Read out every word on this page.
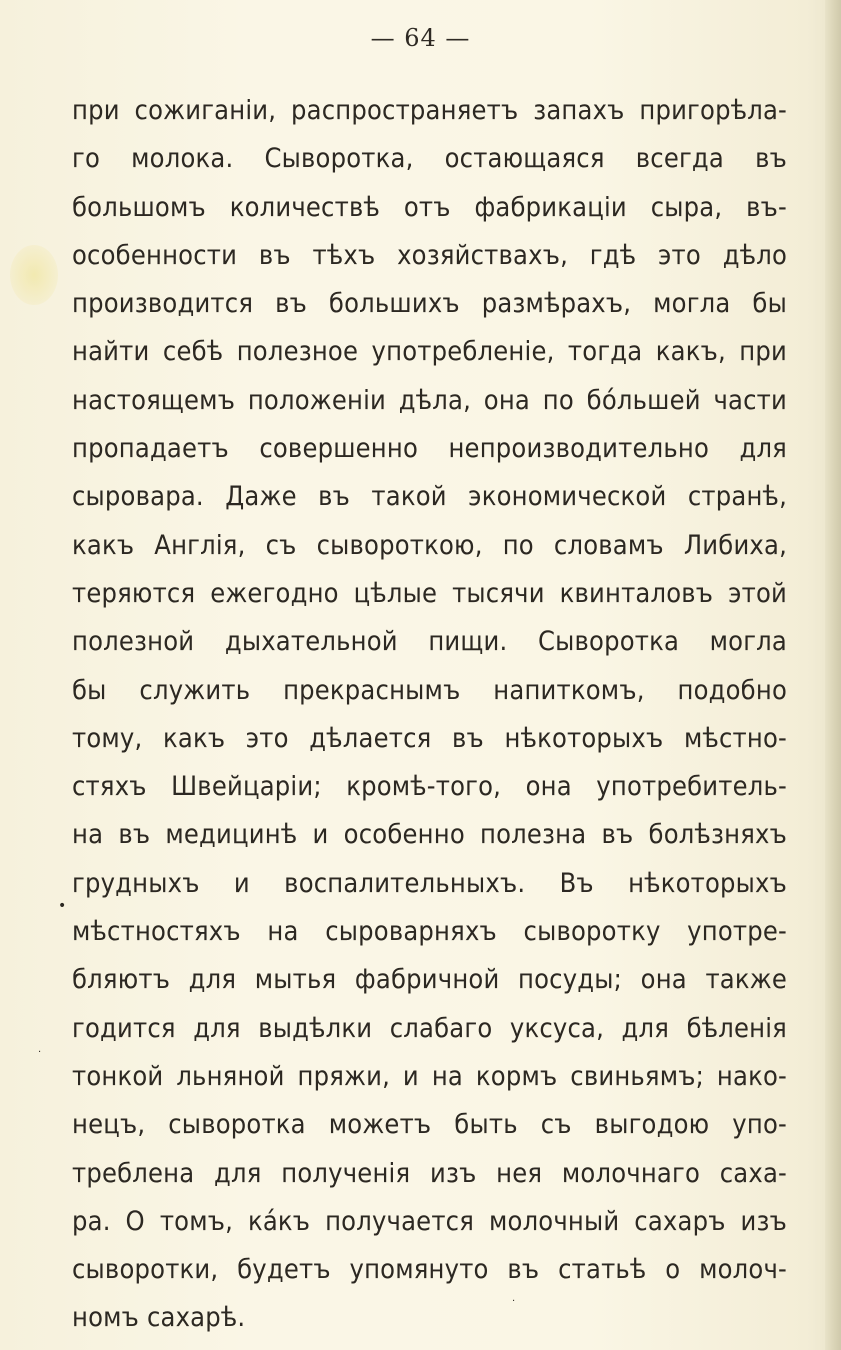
— 64 —
при сожиганіи, распространяетъ запахъ пригорѣла-
го молока. Сыворотка, остающаяся всегда въ
большомъ количествѣ отъ фабрикаціи сыра, въ-
особенности въ тѣхъ хозяйствахъ, гдѣ это дѣло
производится въ большихъ размѣрахъ, могла бы
найти себѣ полезное употребленіе, тогда какъ, при
настоящемъ положеніи дѣла, она по бо́льшей части
пропадаетъ совершенно непроизводительно для
сыровара. Даже въ такой экономической странѣ,
какъ Англія, съ сывороткою, по словамъ Либиха,
теряются ежегодно цѣлые тысячи квинталовъ этой
полезной дыхательной пищи. Сыворотка могла
бы служить прекраснымъ напиткомъ, подобно
тому, какъ это дѣлается въ нѣкоторыхъ мѣстно-
стяхъ Швейцаріи; кромѣ-того, она употребитель-
на въ медицинѣ и особенно полезна въ болѣзняхъ
грудныхъ и воспалительныхъ. Въ нѣкоторыхъ
мѣстностяхъ на сыроварняхъ сыворотку употре-
бляютъ для мытья фабричной посуды; она также
годится для выдѣлки слабаго уксуса, для бѣленія
тонкой льняной пряжи, и на кормъ свиньямъ; нако-
нецъ, сыворотка можетъ быть съ выгодою упо-
треблена для полученія изъ нея молочнаго саха-
ра. О томъ, ка́къ получается молочный сахаръ изъ
сыворотки, будетъ упомянуто въ статьѣ о молоч-
номъ сахарѣ.
•
·
·
